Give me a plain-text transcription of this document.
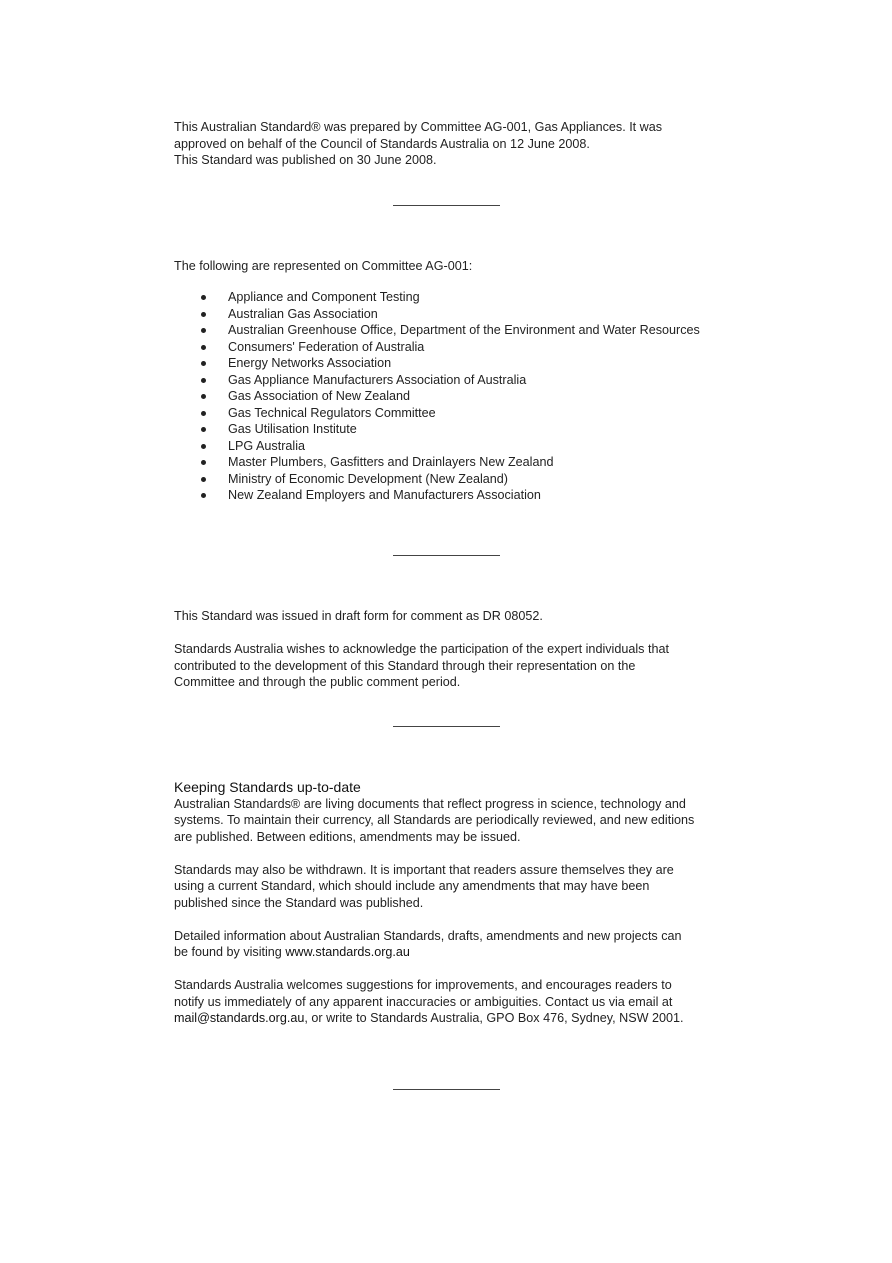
This Australian Standard® was prepared by Committee AG-001, Gas Appliances. It was

approved on behalf of the Council of Standards Australia on 12 June 2008.

This Standard was published on 30 June 2008.

The following are represented on Committee AG-001:

Appliance and Component Testing
Australian Gas Association
Australian Greenhouse Office, Department of the Environment and Water Resources
Consumers' Federation of Australia
Energy Networks Association
Gas Appliance Manufacturers Association of Australia
Gas Association of New Zealand
Gas Technical Regulators Committee
Gas Utilisation Institute
LPG Australia
Master Plumbers, Gasfitters and Drainlayers New Zealand
Ministry of Economic Development (New Zealand)
New Zealand Employers and Manufacturers Association

This Standard was issued in draft form for comment as DR 08052.

Standards Australia wishes to acknowledge the participation of the expert individuals that

contributed to the development of this Standard through their representation on the

Committee and through the public comment period.

Keeping Standards up-to-date

Australian Standards® are living documents that reflect progress in science, technology and

systems. To maintain their currency, all Standards are periodically reviewed, and new editions

are published. Between editions, amendments may be issued.

Standards may also be withdrawn. It is important that readers assure themselves they are

using a current Standard, which should include any amendments that may have been

published since the Standard was published.

Detailed information about Australian Standards, drafts, amendments and new projects can

be found by visiting www.standards.org.au

Standards Australia welcomes suggestions for improvements, and encourages readers to

notify us immediately of any apparent inaccuracies or ambiguities. Contact us via email at

mail@standards.org.au, or write to Standards Australia, GPO Box 476, Sydney, NSW 2001.
